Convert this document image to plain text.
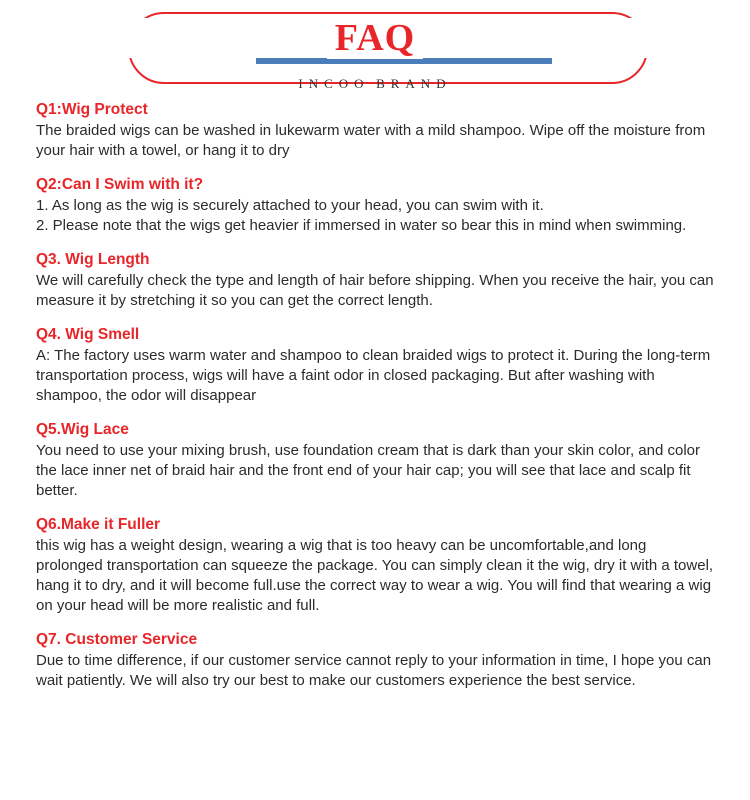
FAQ
INCOO BRAND

Q1:Wig Protect

The braided wigs can be washed in lukewarm water with a mild shampoo. Wipe off the moisture from your hair with a towel, or hang it to dry

Q2:Can I Swim with it?

1. As long as the wig is securely attached to your head, you can swim with it.
2. Please note that the wigs get heavier if immersed in water so bear this in mind when swimming.

Q3. Wig Length

We will carefully check the type and length of hair before shipping. When you receive the hair, you can measure it by stretching it so you can get the correct length.

Q4. Wig Smell

A: The factory uses warm water and shampoo to clean braided wigs to protect it. During the long-term transportation process, wigs will have a faint odor in closed packaging. But after washing with shampoo, the odor will disappear

Q5.Wig Lace

You need to use your mixing brush, use foundation cream that is dark than your skin color, and color the lace inner net of braid hair and the front end of your hair cap; you will see that lace and scalp fit better.

Q6.Make it Fuller

this wig has a weight design, wearing a wig that is too heavy can be uncomfortable,and long prolonged transportation can squeeze the package. You can simply clean it the wig, dry it with a towel, hang it to dry, and it will become full.use the correct way to wear a wig. You will find that wearing a wig on your head will be more realistic and full.

Q7. Customer Service

Due to time difference, if our customer service cannot reply to your information in time, I hope you can wait patiently. We will also try our best to make our customers experience the best service.
